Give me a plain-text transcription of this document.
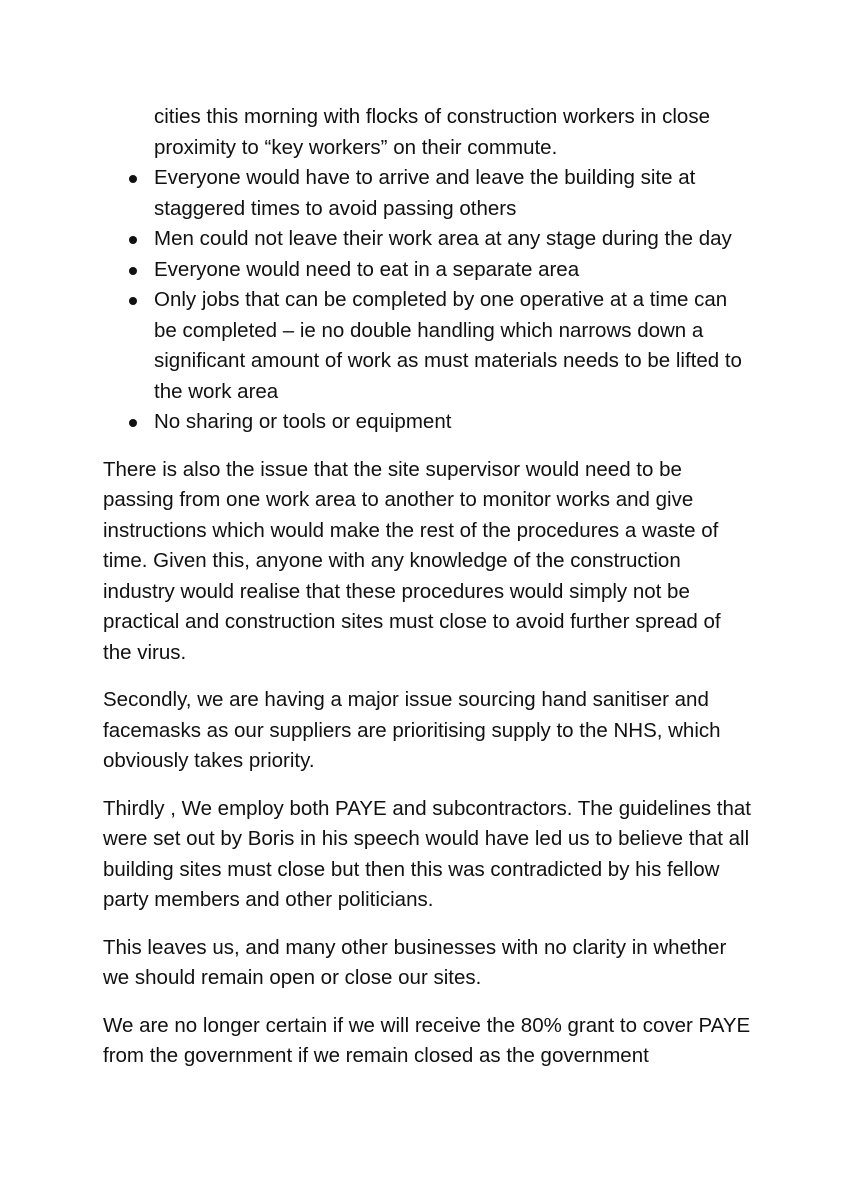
cities this morning with flocks of construction workers in close proximity to “key workers” on their commute.

Everyone would have to arrive and leave the building site at staggered times to avoid passing others
Men could not leave their work area at any stage during the day
Everyone would need to eat in a separate area
Only jobs that can be completed by one operative at a time can be completed – ie no double handling which narrows down a significant amount of work as must materials needs to be lifted to the work area
No sharing or tools or equipment

There is also the issue that the site supervisor would need to be passing from one work area to another to monitor works and give instructions which would make the rest of the procedures a waste of time. Given this, anyone with any knowledge of the construction industry would realise that these procedures would simply not be practical and construction sites must close to avoid further spread of the virus.

Secondly, we are having a major issue sourcing hand sanitiser and facemasks as our suppliers are prioritising supply to the NHS, which obviously takes priority.

Thirdly , We employ both PAYE and subcontractors. The guidelines that were set out by Boris in his speech would have led us to believe that all building sites must close but then this was contradicted by his fellow party members and other politicians.

This leaves us, and many other businesses with no clarity in whether we should remain open or close our sites.

We are no longer certain if we will receive the 80% grant to cover PAYE from the government if we remain closed as the government
